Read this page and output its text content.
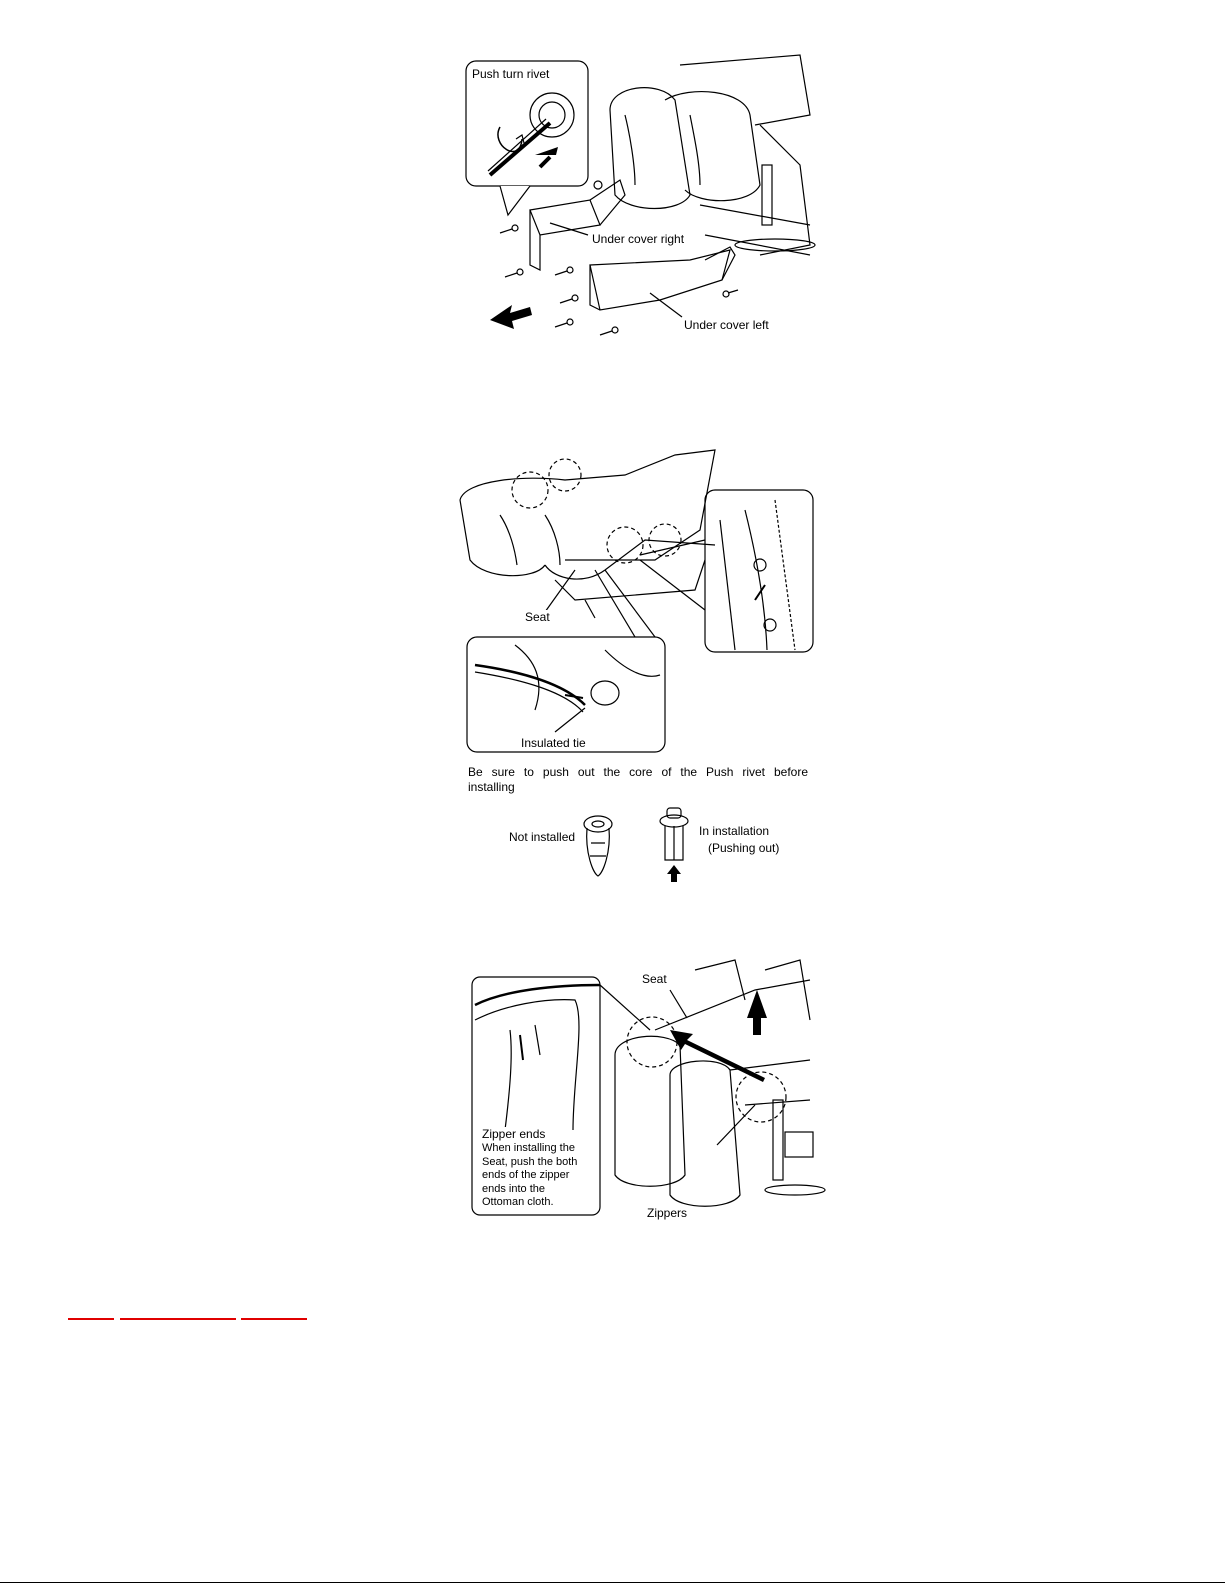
Push turn rivet
Under cover right
Under cover left
Seat
Insulated tie
Be sure to push out the core of the Push rivet before
installing
Not installed	In installation
(Pushing out)
Seat
Zipper ends
When installing the
Seat, push the both
ends of the zipper
ends into the
Ottoman cloth.
Zippers
